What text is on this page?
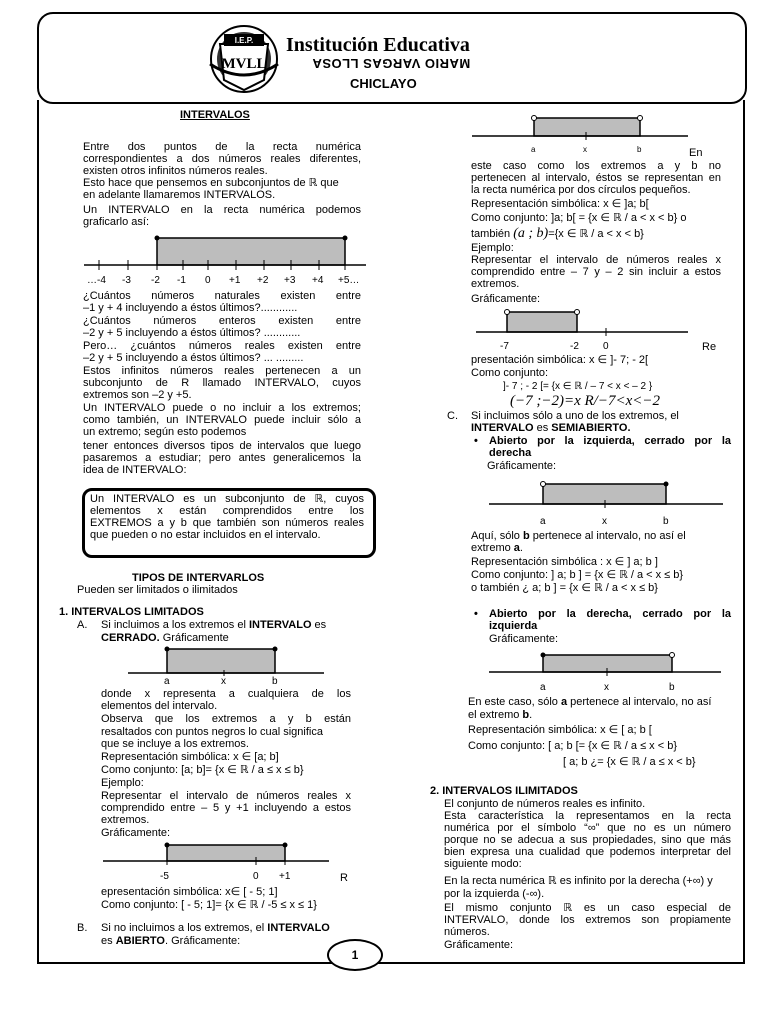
I.E.P.
MVLL
Institución Educativa
MARIO VARGAS LLOSA
CHICLAYO
INTERVALOS
Entre dos puntos de la recta numérica
correspondientes a dos números reales diferentes,
existen otros infinitos números reales.
Esto hace que pensemos en subconjuntos de ℝ que
en adelante llamaremos INTERVALOS.
Un INTERVALO en la recta numérica podemos
graficarlo así:
…-4 -3 -2 -1 0 +1 +2 +3 +4 +5…
¿Cuántos números naturales existen entre
–1 y + 4 incluyendo a éstos últimos?............
¿Cuántos números enteros existen entre
–2 y + 5 incluyendo a éstos últimos? ............
Pero… ¿cuántos números reales existen entre
–2 y + 5 incluyendo a éstos últimos? ... .........
Estos infinitos números reales pertenecen a un
subconjunto de R llamado INTERVALO, cuyos
extremos son –2 y +5.
Un INTERVALO puede o no incluir a los extremos;
como también, un INTERVALO puede incluir sólo a
un extremo; según esto podemos
tener entonces diversos tipos de intervalos que luego
pasaremos a estudiar; pero antes generalicemos la
idea de INTERVALO:
Un INTERVALO es un subconjunto de ℝ, cuyos
elementos x están comprendidos entre los
EXTREMOS a y b que también son números reales
que pueden o no estar incluidos en el intervalo.
TIPOS DE INTERVARLOS
Pueden ser limitados o ilimitados
1. INTERVALOS LIMITADOS
A. Si incluimos a los extremos el INTERVALO es
CERRADO. Gráficamente
a	x	b
donde x representa a cualquiera de los
elementos del intervalo.
Observa que los extremos a y b están
resaltados con puntos negros lo cual significa
que se incluye a los extremos.
Representación simbólica: x ∈ [a; b]
Como conjunto: [a; b]= {x ∈ ℝ / a ≤ x ≤ b}
Ejemplo:
Representar el intervalo de números reales x
comprendido entre – 5 y +1 incluyendo a estos
extremos.
Gráficamente:
-5	0 +1	R
epresentación simbólica: x∈ [ - 5; 1]
Como conjunto: [ - 5; 1]= {x ∈ ℝ / -5 ≤ x ≤ 1}
B. Si no incluimos a los extremos, el INTERVALO
es ABIERTO. Gráficamente:
a	x	b	En
este caso como los extremos a y b no
pertenecen al intervalo, éstos se representan en
la recta numérica por dos círculos pequeños.
Representación simbólica: x ∈ ]a; b[
Como conjunto: ]a; b[ = {x ∈ ℝ / a < x < b} o
también (a ; b)={x ∈ ℝ / a < x < b}
Ejemplo:
Representar el intervalo de números reales x
comprendido entre – 7 y – 2 sin incluir a estos
extremos.
Gráficamente:
-7	-2 0	Re
presentación simbólica: x ∈ ]- 7; - 2[
Como conjunto:
]- 7 ; - 2 [= {x ∈ ℝ / – 7 < x < – 2 }
(−7 ;−2)=x R/−7<x<−2
C. Si incluimos sólo a uno de los extremos, el
INTERVALO es SEMIABIERTO.
• Abierto por la izquierda, cerrado por la
derecha
Gráficamente:
a	x	b
Aquí, sólo b pertenece al intervalo, no así el
extremo a.
Representación simbólica : x ∈ ] a; b ]
Como conjunto: ] a; b ] = {x ∈ ℝ / a < x ≤ b}
o también ¿ a; b ] = {x ∈ ℝ / a < x ≤ b}
• Abierto por la derecha, cerrado por la
izquierda
Gráficamente:
a	x	b
En este caso, sólo a pertenece al intervalo, no así
el extremo b.
Representación simbólica: x ∈ [ a; b [
Como conjunto: [ a; b [= {x ∈ ℝ / a ≤ x < b}
[ a; b ¿= {x ∈ ℝ / a ≤ x < b}
2. INTERVALOS ILIMITADOS
El conjunto de números reales es infinito.
Esta característica la representamos en la recta
numérica por el símbolo “∞” que no es un número
porque no se adecua a sus propiedades, sino que más
bien expresa una cualidad que podemos interpretar del
siguiente modo:
En la recta numérica ℝ es infinito por la derecha (+∞) y
por la izquierda (-∞).
El mismo conjunto ℝ es un caso especial de
INTERVALO, donde los extremos son propiamente
números.
Gráficamente:
1
